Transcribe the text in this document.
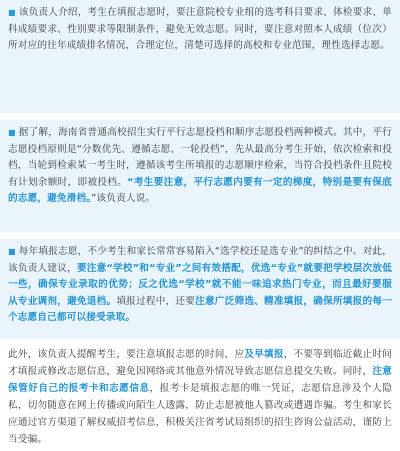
■ 该负责人介绍，考生在填报志愿时，要注意院校专业组的选考科目要求、体检要求、单科成绩要求、性别要求等限制条件，避免无效志愿。同时，要注意对照本人成绩（位次）所对应的往年成绩排名情况，合理定位，清楚可选择的高校和专业范围，理性选择志愿。

■ 据了解，海南省普通高校招生实行平行志愿投档和顺序志愿投档两种模式。其中，平行志愿投档原则是“分数优先、遵循志愿、一轮投档”，先从最高分考生开始，依次检索和投档，当轮到检索某一考生时，遵循该考生所填报的志愿顺序检索，当符合投档条件且院校有计划余额时，即被投档。“考生要注意，平行志愿内要有一定的梯度，特别是要有保底的志愿，避免滑档。”该负责人说。

■ 每年填报志愿，不少考生和家长常常容易陷入“选学校还是选专业”的纠结之中。对此，该负责人建议，要注意“学校”和“专业”之间有效搭配，优选“专业”就要把学校层次放低一些，确保专业录取的优势；反之优选“学校”就不能一味追求热门专业，而且最好要服从专业调剂，避免退档。填报过程中，还要注意广泛筛选、精准填报，确保所填报的每一个志愿自己都可以接受录取。

此外，该负责人提醒考生，要注意填报志愿的时间，应及早填报，不要等到临近截止时间才填报或修改志愿信息，避免因网络或其他意外情况导致志愿信息提交失败。同时，注意保管好自己的报考卡和志愿信息，报考卡是填报志愿的唯一凭证，志愿信息涉及个人隐私，切勿随意在网上传播或向陌生人透露，防止志愿被他人篡改或遭遇诈骗。考生和家长应通过官方渠道了解权威招考信息，积极关注省考试局组织的招生咨询公益活动，谨防上当受骗。
